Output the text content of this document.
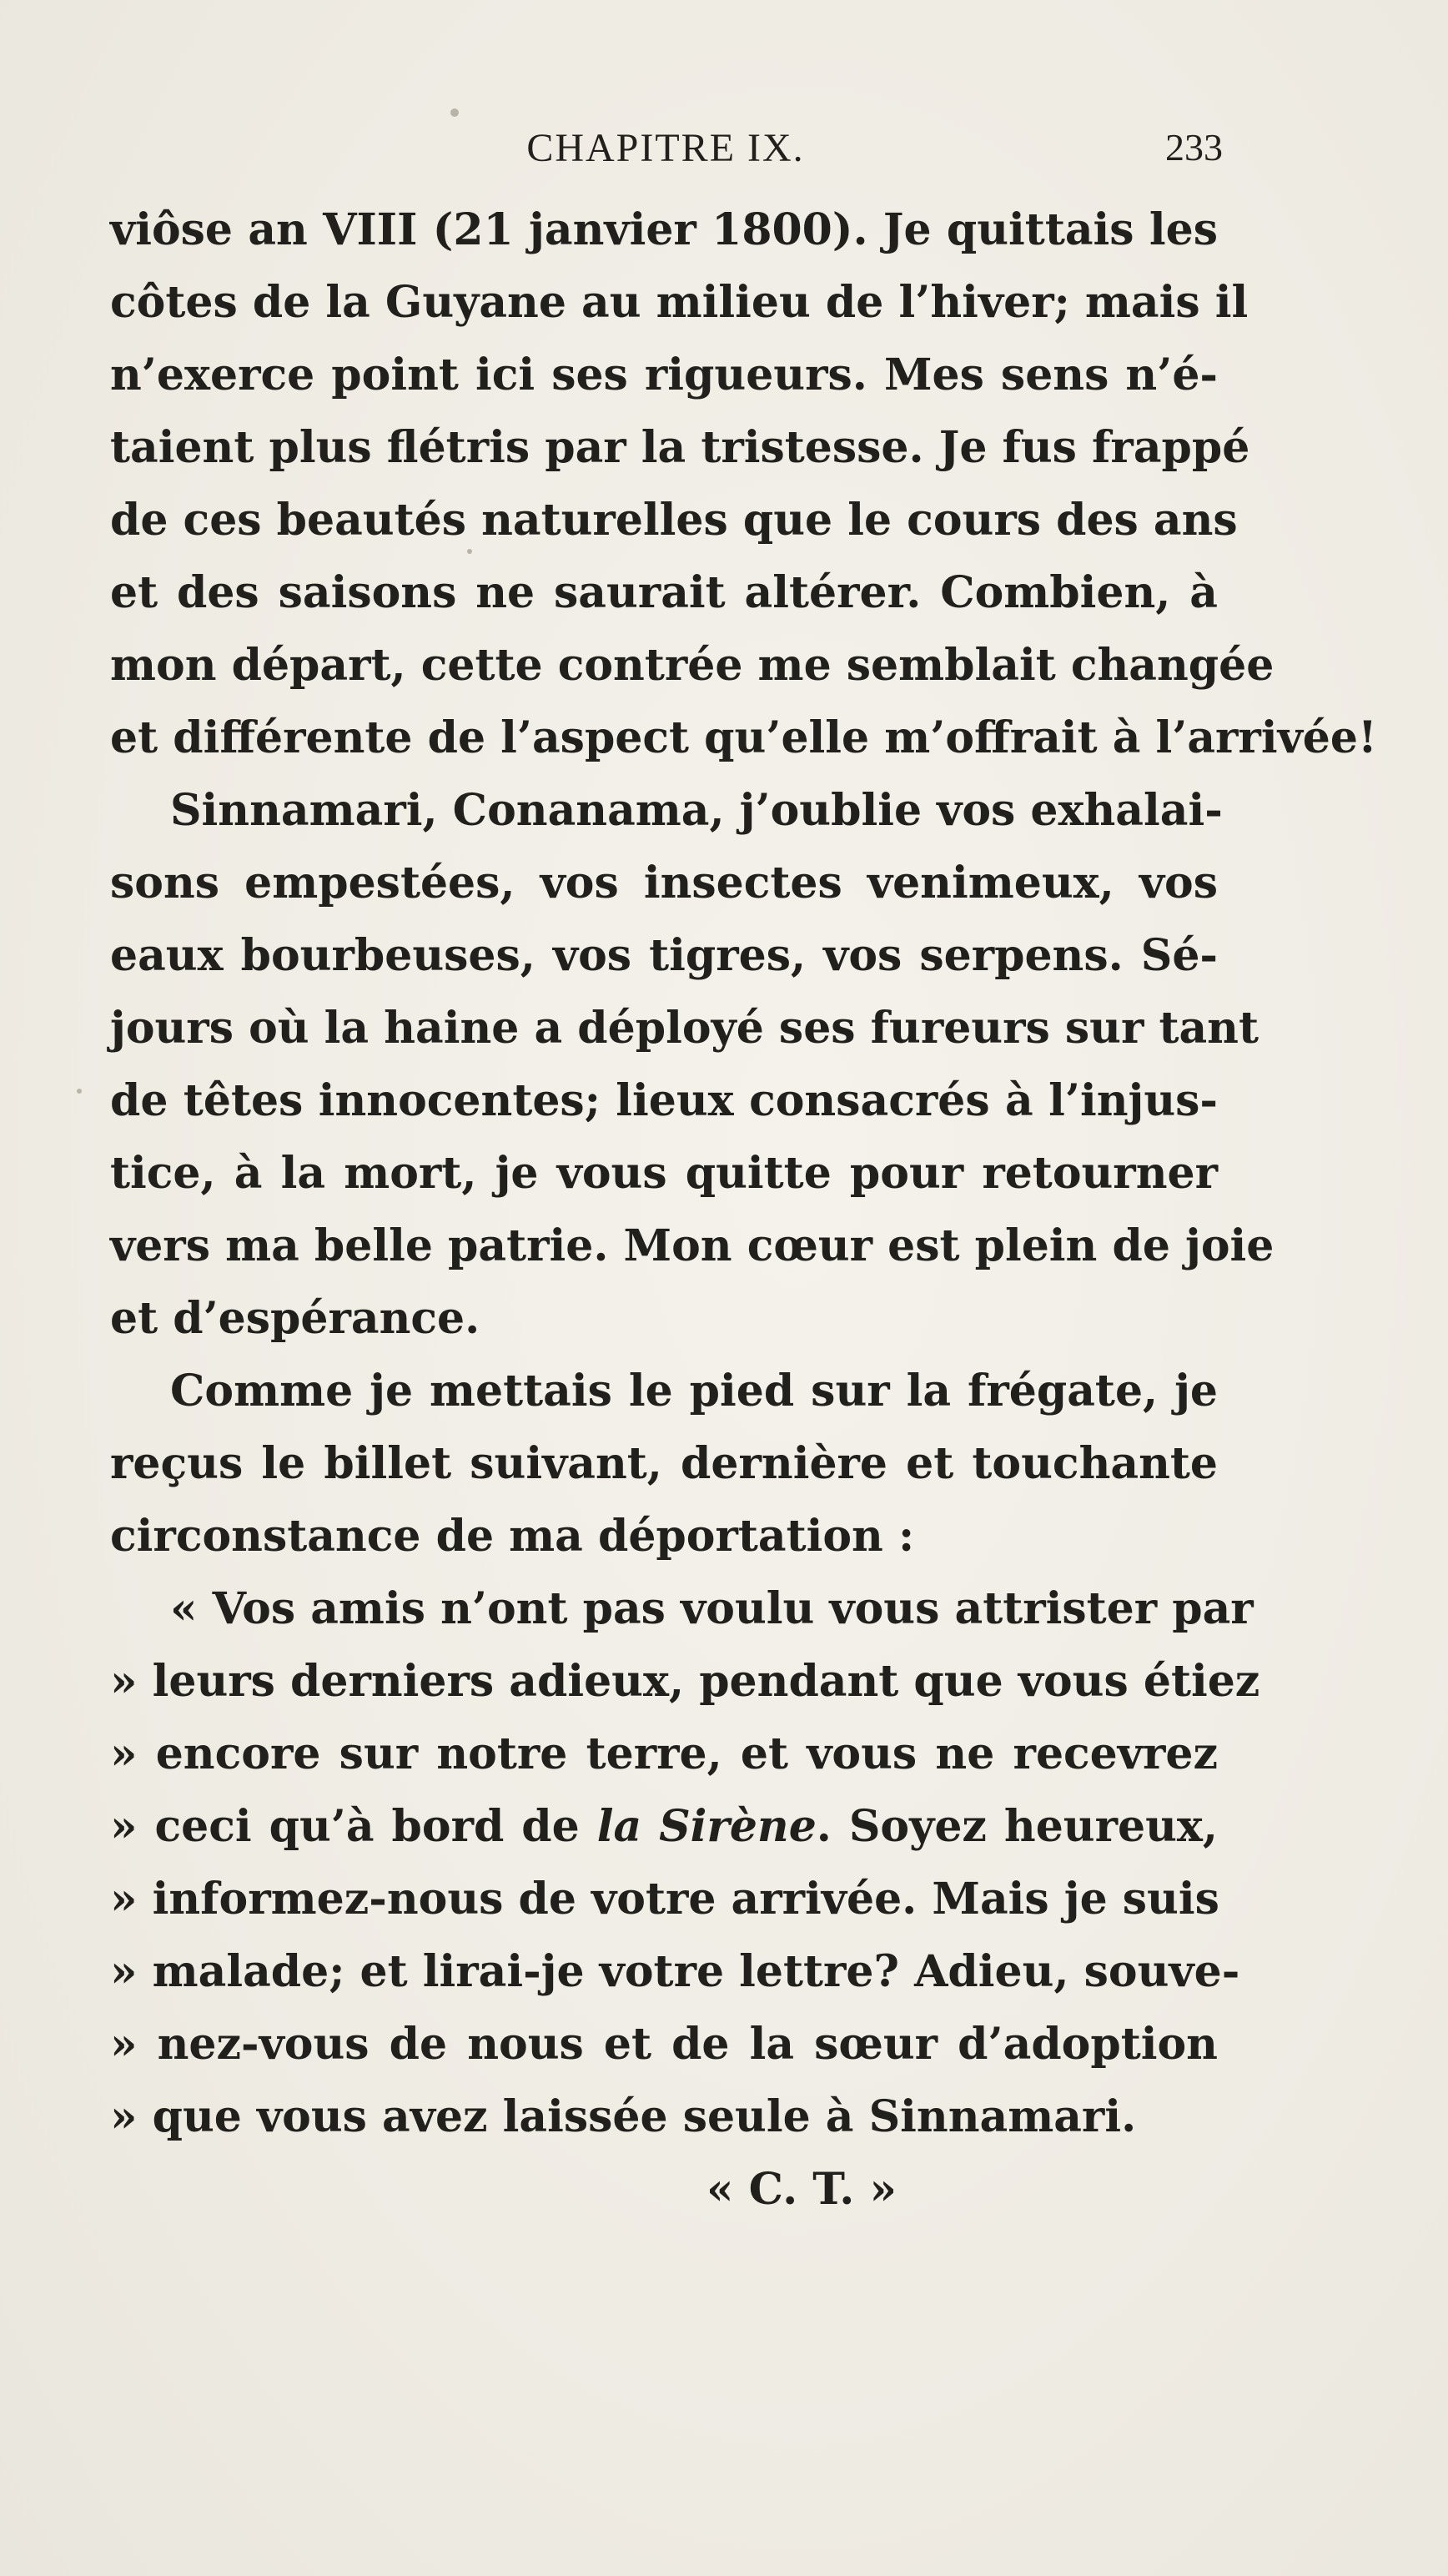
CHAPITRE IX.	233
viôse an VIII (21 janvier 1800). Je quittais les
côtes de la Guyane au milieu de l’hiver; mais il
n’exerce point ici ses rigueurs. Mes sens n’é-
taient plus flétris par la tristesse. Je fus frappé
de ces beautés naturelles que le cours des ans
et des saisons ne saurait altérer. Combien, à
mon départ, cette contrée me semblait changée
et différente de l’aspect qu’elle m’offrait à l’arrivée!
Sinnamari, Conanama, j’oublie vos exhalai-
sons empestées, vos insectes venimeux, vos
eaux bourbeuses, vos tigres, vos serpens. Sé-
jours où la haine a déployé ses fureurs sur tant
de têtes innocentes; lieux consacrés à l’injus-
tice, à la mort, je vous quitte pour retourner
vers ma belle patrie. Mon cœur est plein de joie
et d’espérance.
Comme je mettais le pied sur la frégate, je
reçus le billet suivant, dernière et touchante
circonstance de ma déportation :
« Vos amis n’ont pas voulu vous attrister par
» leurs derniers adieux, pendant que vous étiez
» encore sur notre terre, et vous ne recevrez
» ceci qu’à bord de la Sirène. Soyez heureux,
» informez-nous de votre arrivée. Mais je suis
» malade; et lirai-je votre lettre? Adieu, souve-
» nez-vous de nous et de la sœur d’adoption
» que vous avez laissée seule à Sinnamari.
« C. T. »
